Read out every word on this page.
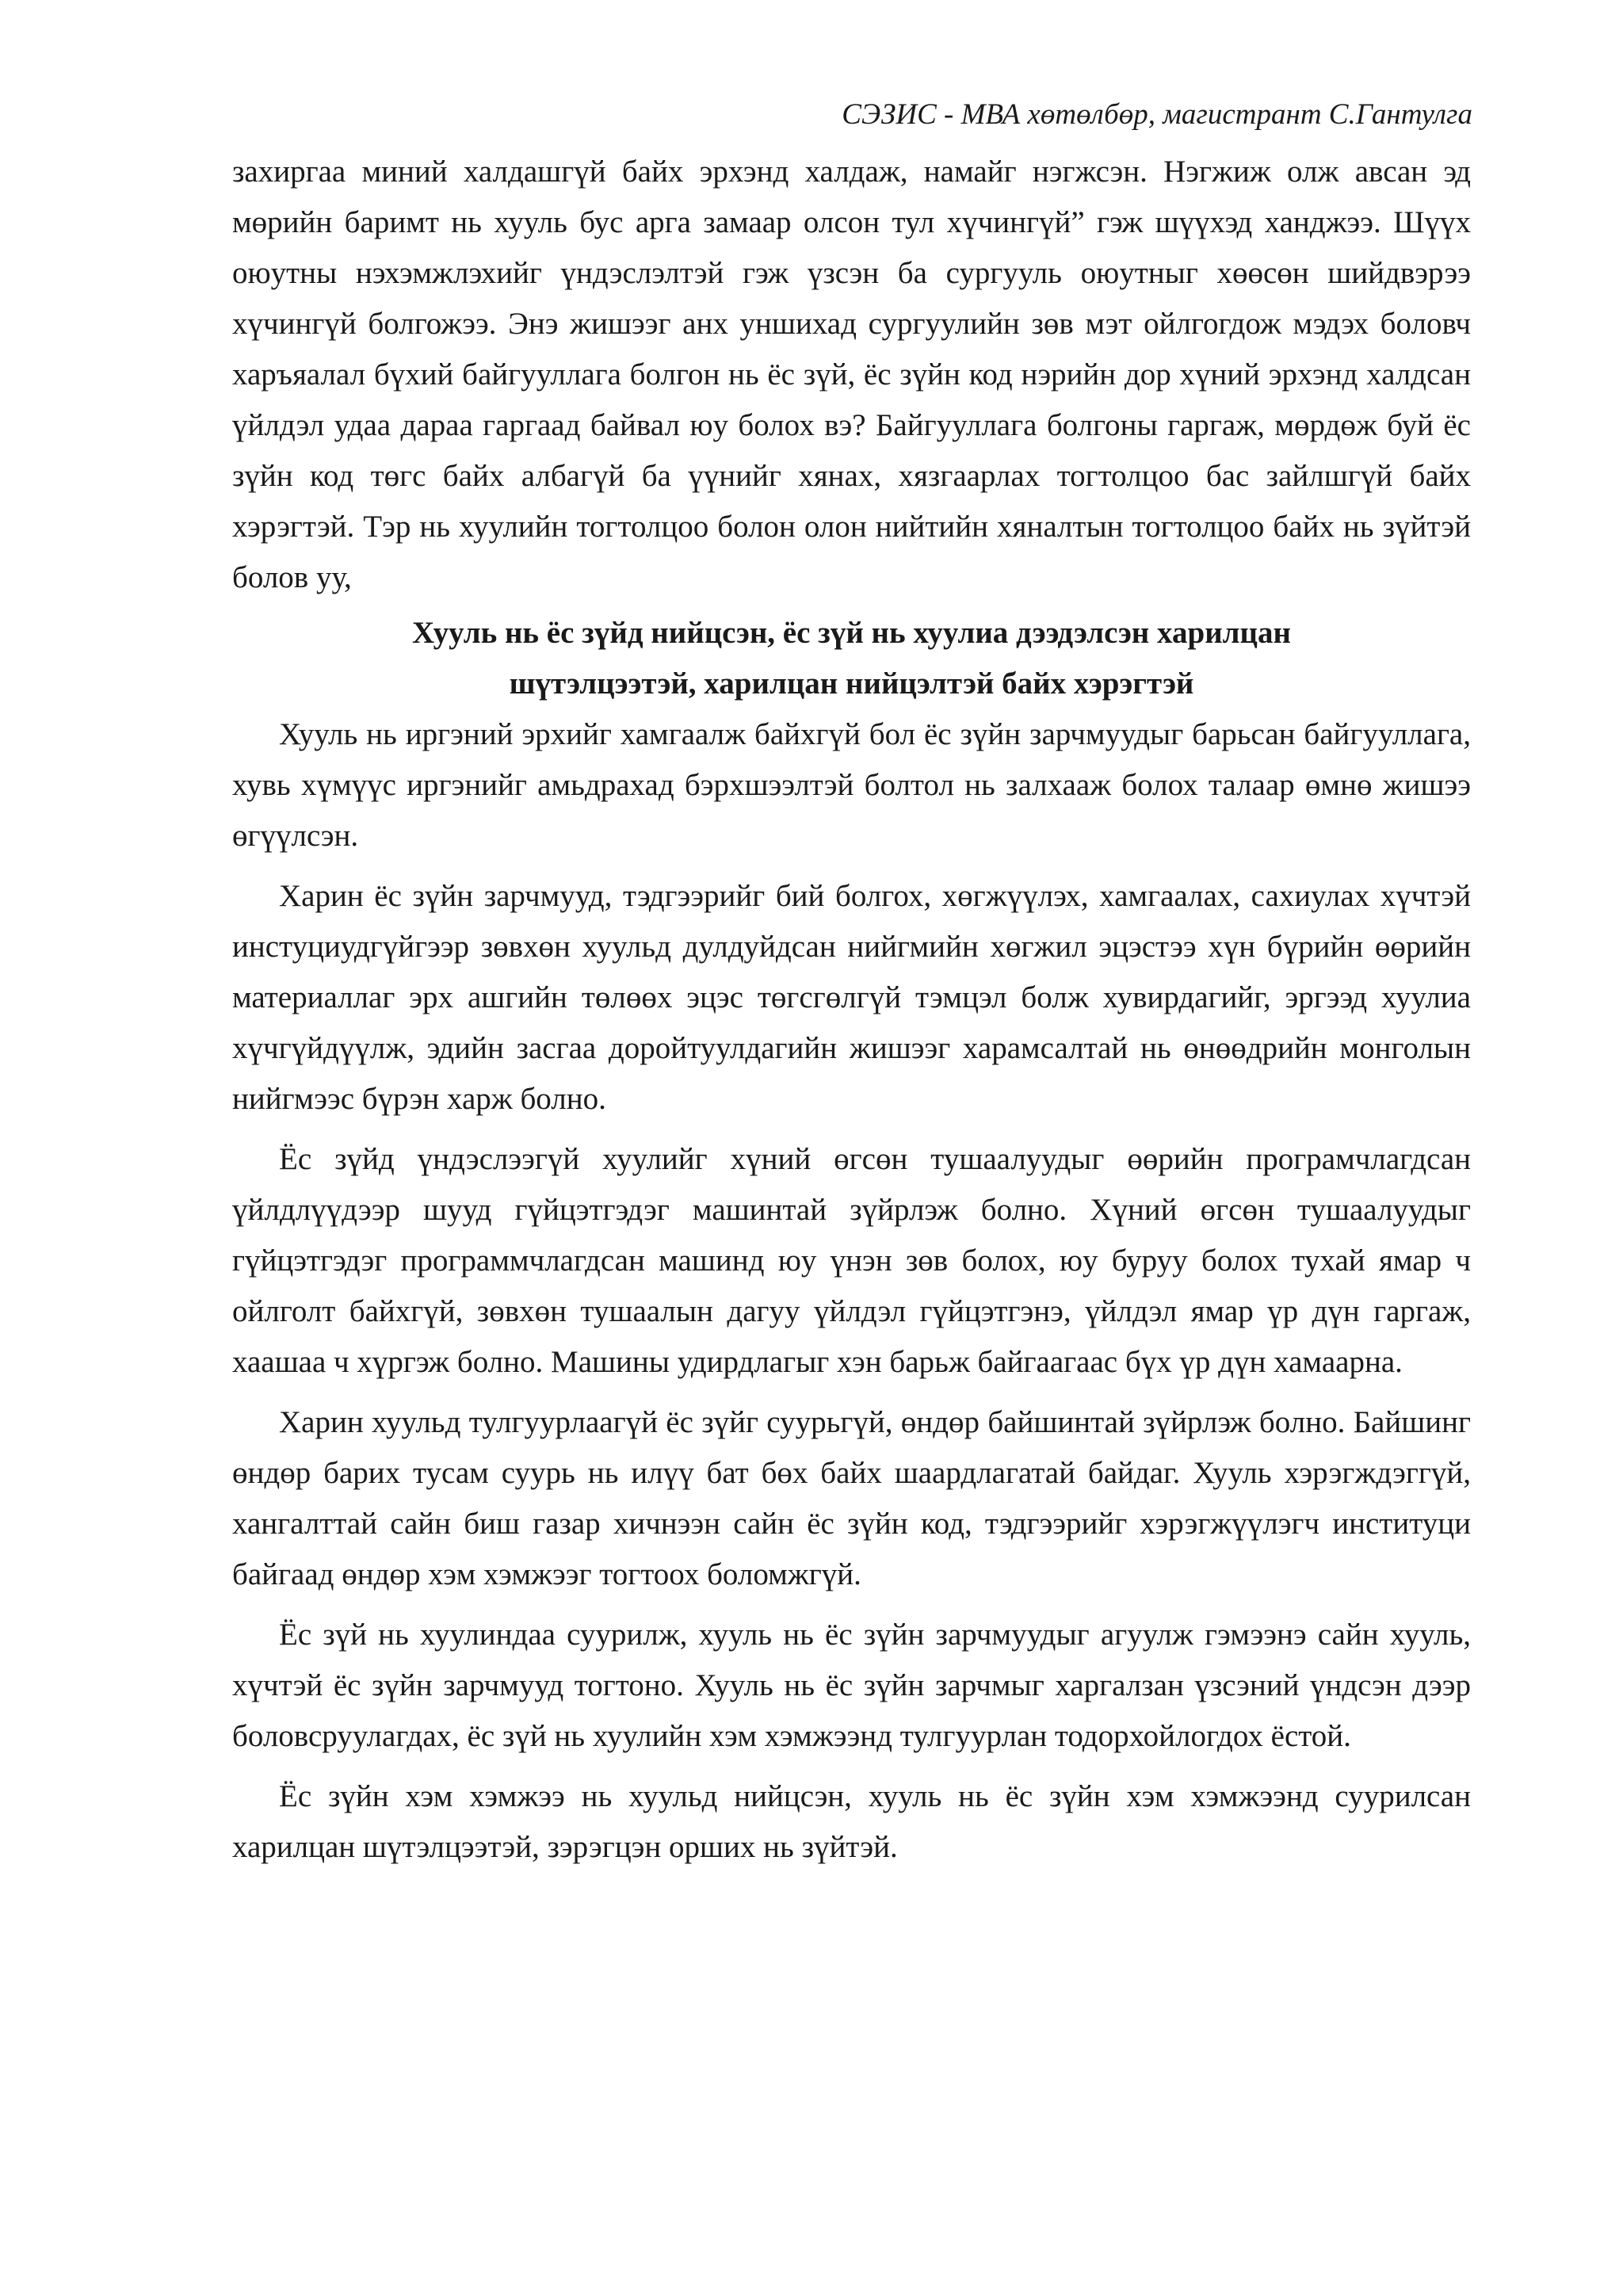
СЭЗИС - МВА хөтөлбөр, магистрант С.Гантулга

захиргаа миний халдашгүй байх эрхэнд халдаж, намайг нэгжсэн. Нэгжиж олж авсан эд мөрийн баримт нь хууль бус арга замаар олсон тул хүчингүй” гэж шүүхэд ханджээ. Шүүх оюутны нэхэмжлэхийг үндэслэлтэй гэж үзсэн ба сургууль оюутныг хөөсөн шийдвэрээ хүчингүй болгожээ. Энэ жишээг анх уншихад сургуулийн зөв мэт ойлгогдож мэдэх боловч харъяалал бүхий байгууллага болгон нь ёс зүй, ёс зүйн код нэрийн дор хүний эрхэнд халдсан үйлдэл удаа дараа гаргаад байвал юу болох вэ? Байгууллага болгоны гаргаж, мөрдөж буй ёс зүйн код төгс байх албагүй ба үүнийг хянах, хязгаарлах тогтолцоо бас зайлшгүй байх хэрэгтэй. Тэр нь хуулийн тогтолцоо болон олон нийтийн хяналтын тогтолцоо байх нь зүйтэй болов уу,

Хууль нь ёс зүйд нийцсэн, ёс зүй нь хуулиа дээдэлсэн харилцан
шүтэлцээтэй, харилцан нийцэлтэй байх хэрэгтэй

Хууль нь иргэний эрхийг хамгаалж байхгүй бол ёс зүйн зарчмуудыг барьсан байгууллага, хувь хүмүүс иргэнийг амьдрахад бэрхшээлтэй болтол нь залхааж болох талаар өмнө жишээ өгүүлсэн.

Харин ёс зүйн зарчмууд, тэдгээрийг бий болгох, хөгжүүлэх, хамгаалах, сахиулах хүчтэй инстуциудгүйгээр зөвхөн хуульд дулдуйдсан нийгмийн хөгжил эцэстээ хүн бүрийн өөрийн материаллаг эрх ашгийн төлөөх эцэс төгсгөлгүй тэмцэл болж хувирдагийг, эргээд хуулиа хүчгүйдүүлж, эдийн засгаа доройтуулдагийн жишээг харамсалтай нь өнөөдрийн монголын нийгмээс бүрэн харж болно.

Ёс зүйд үндэслээгүй хуулийг хүний өгсөн тушаалуудыг өөрийн програмчлагдсан үйлдлүүдээр шууд гүйцэтгэдэг машинтай зүйрлэж болно. Хүний өгсөн тушаалуудыг гүйцэтгэдэг программчлагдсан машинд юу үнэн зөв болох, юу буруу болох тухай ямар ч ойлголт байхгүй, зөвхөн тушаалын дагуу үйлдэл гүйцэтгэнэ, үйлдэл ямар үр дүн гаргаж, хаашаа ч хүргэж болно. Машины удирдлагыг хэн барьж байгаагаас бүх үр дүн хамаарна.

Харин хуульд тулгуурлаагүй ёс зүйг суурьгүй, өндөр байшинтай зүйрлэж болно. Байшинг өндөр барих тусам суурь нь илүү бат бөх байх шаардлагатай байдаг. Хууль хэрэгждэггүй, хангалттай сайн биш газар хичнээн сайн ёс зүйн код, тэдгээрийг хэрэгжүүлэгч институци байгаад өндөр хэм хэмжээг тогтоох боломжгүй.

Ёс зүй нь хуулиндаа суурилж, хууль нь ёс зүйн зарчмуудыг агуулж гэмээнэ сайн хууль, хүчтэй ёс зүйн зарчмууд тогтоно. Хууль нь ёс зүйн зарчмыг харгалзан үзсэний үндсэн дээр боловсруулагдах, ёс зүй нь хуулийн хэм хэмжээнд тулгуурлан тодорхойлогдох ёстой.

Ёс зүйн хэм хэмжээ нь хуульд нийцсэн, хууль нь ёс зүйн хэм хэмжээнд суурилсан харилцан шүтэлцээтэй, зэрэгцэн орших нь зүйтэй.
